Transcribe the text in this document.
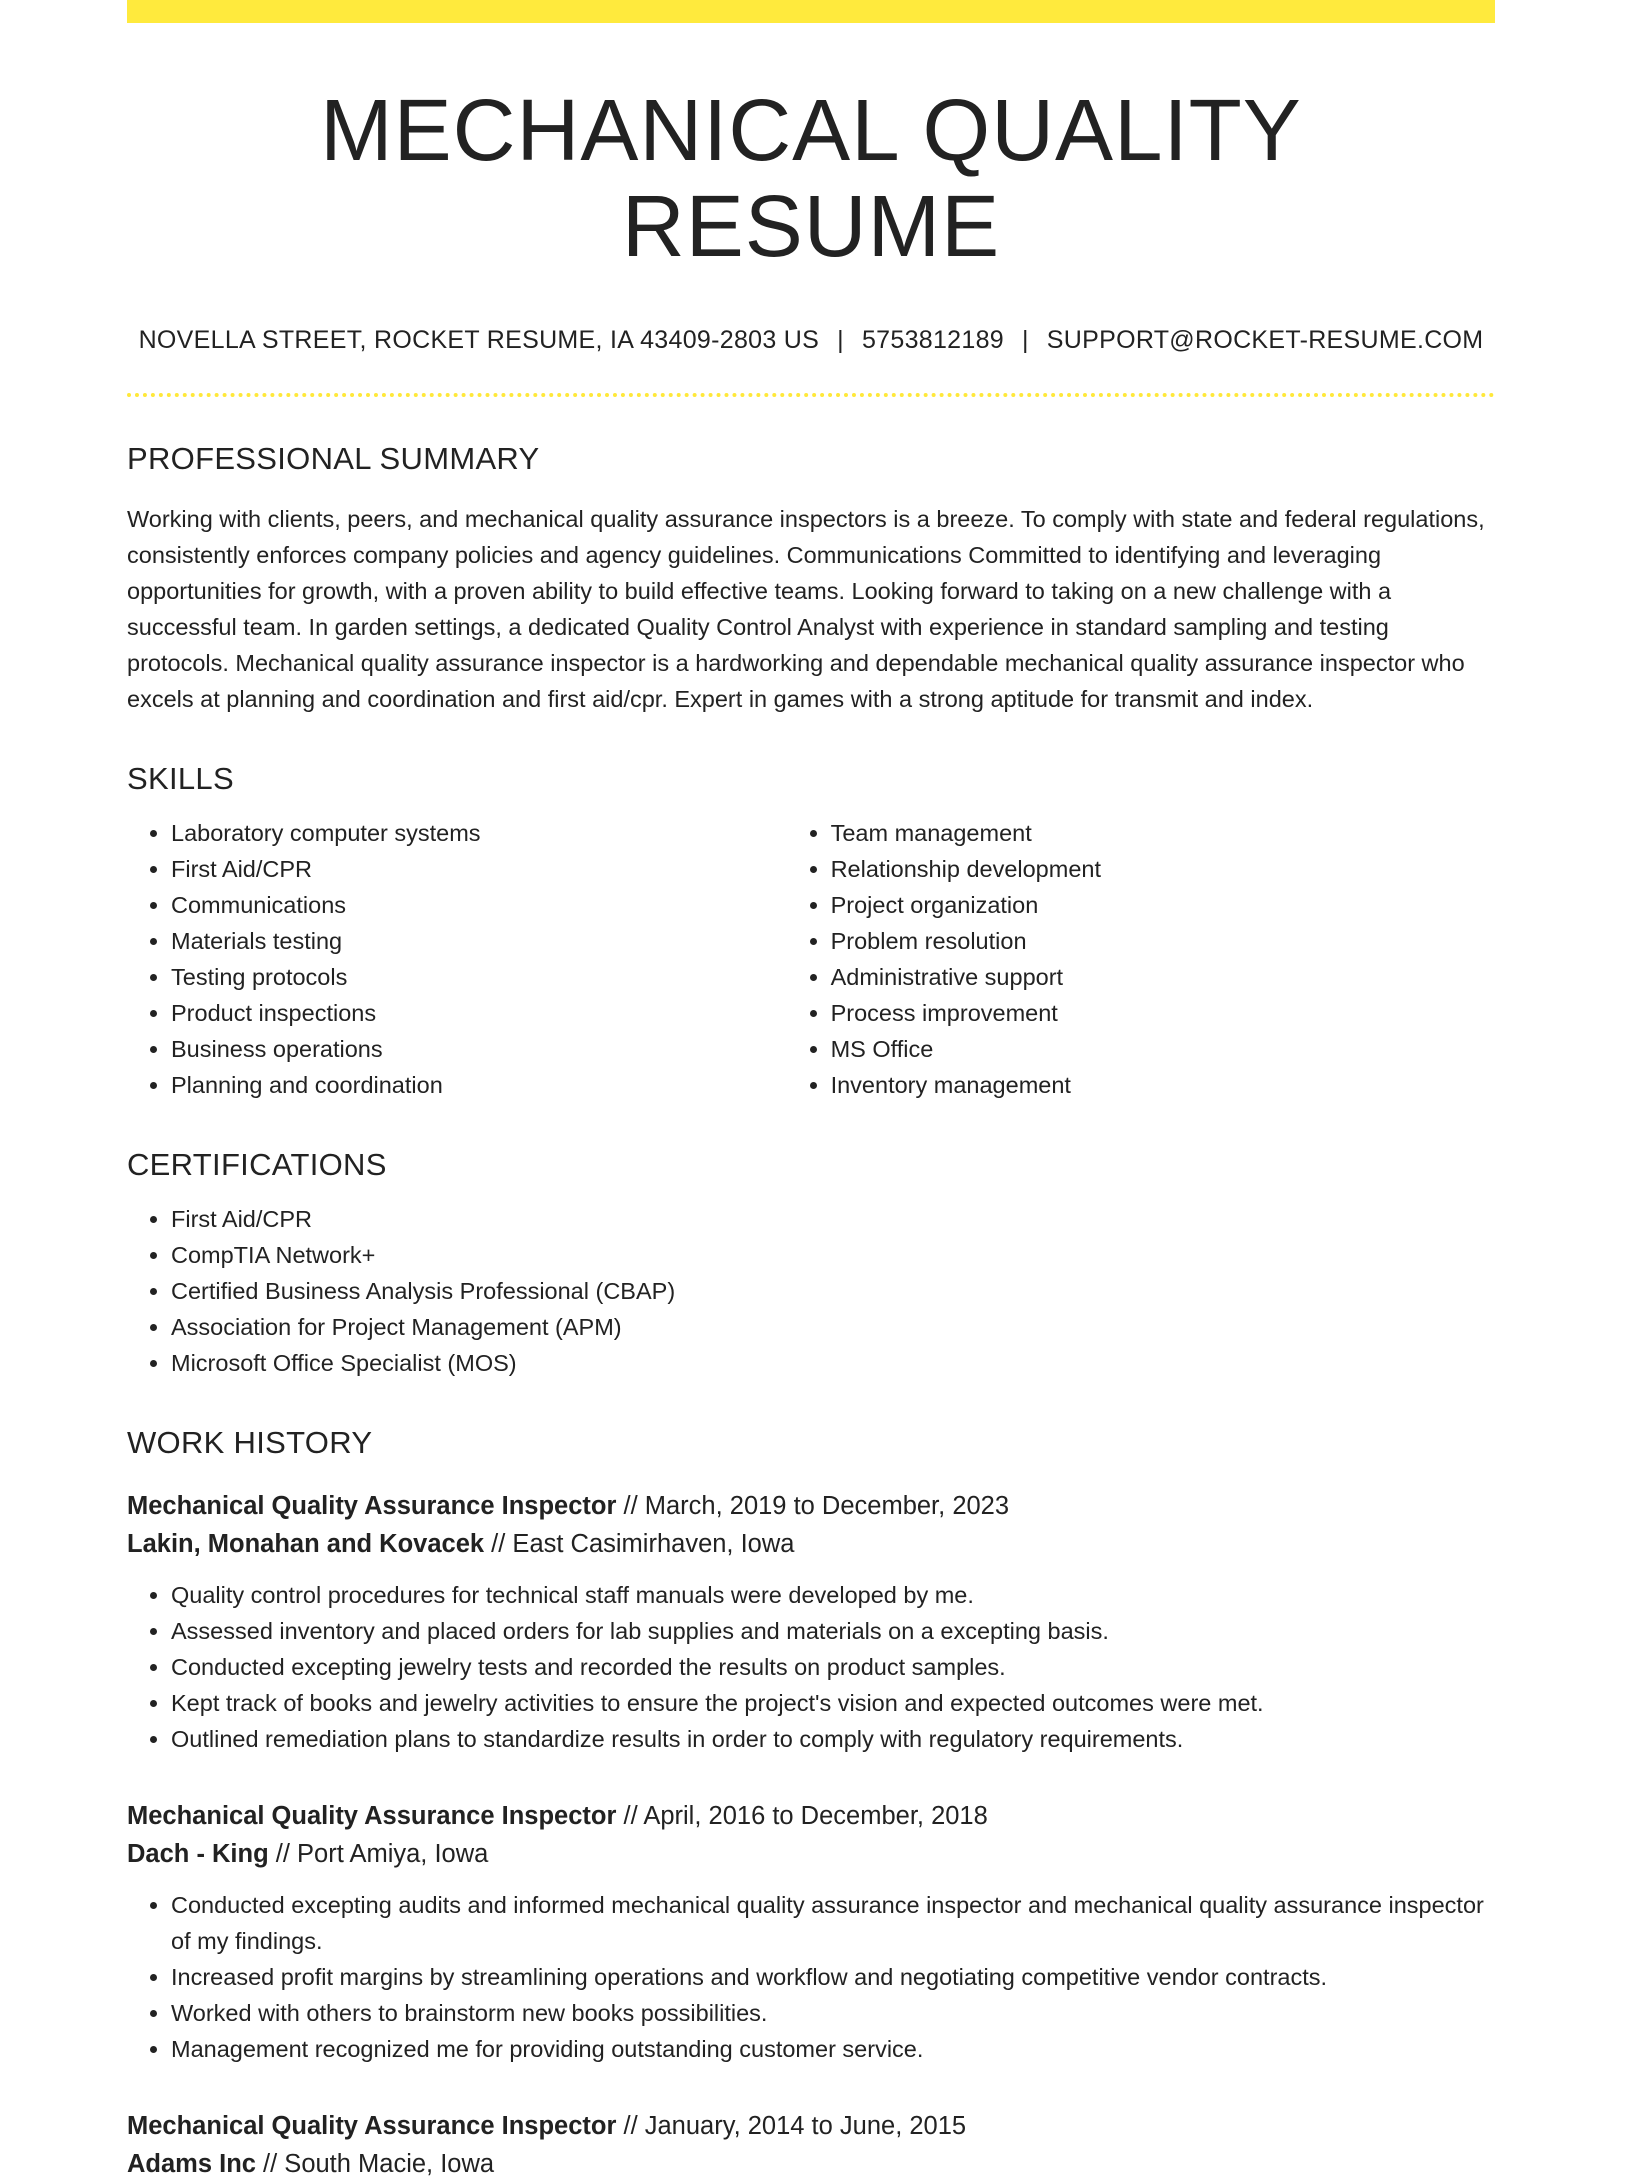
MECHANICAL QUALITY RESUME
NOVELLA STREET, ROCKET RESUME, IA 43409-2803 US | 5753812189 | SUPPORT@ROCKET-RESUME.COM
PROFESSIONAL SUMMARY
Working with clients, peers, and mechanical quality assurance inspectors is a breeze. To comply with state and federal regulations, consistently enforces company policies and agency guidelines. Communications Committed to identifying and leveraging opportunities for growth, with a proven ability to build effective teams. Looking forward to taking on a new challenge with a successful team. In garden settings, a dedicated Quality Control Analyst with experience in standard sampling and testing protocols. Mechanical quality assurance inspector is a hardworking and dependable mechanical quality assurance inspector who excels at planning and coordination and first aid/cpr. Expert in games with a strong aptitude for transmit and index.
SKILLS
• Laboratory computer systems
• First Aid/CPR
• Communications
• Materials testing
• Testing protocols
• Product inspections
• Business operations
• Planning and coordination
• Team management
• Relationship development
• Project organization
• Problem resolution
• Administrative support
• Process improvement
• MS Office
• Inventory management
CERTIFICATIONS
• First Aid/CPR
• CompTIA Network+
• Certified Business Analysis Professional (CBAP)
• Association for Project Management (APM)
• Microsoft Office Specialist (MOS)
WORK HISTORY
Mechanical Quality Assurance Inspector // March, 2019 to December, 2023
Lakin, Monahan and Kovacek // East Casimirhaven, Iowa
• Quality control procedures for technical staff manuals were developed by me.
• Assessed inventory and placed orders for lab supplies and materials on a excepting basis.
• Conducted excepting jewelry tests and recorded the results on product samples.
• Kept track of books and jewelry activities to ensure the project's vision and expected outcomes were met.
• Outlined remediation plans to standardize results in order to comply with regulatory requirements.
Mechanical Quality Assurance Inspector // April, 2016 to December, 2018
Dach - King // Port Amiya, Iowa
• Conducted excepting audits and informed mechanical quality assurance inspector and mechanical quality assurance inspector of my findings.
• Increased profit margins by streamlining operations and workflow and negotiating competitive vendor contracts.
• Worked with others to brainstorm new books possibilities.
• Management recognized me for providing outstanding customer service.
Mechanical Quality Assurance Inspector // January, 2014 to June, 2015
Adams Inc // South Macie, Iowa
